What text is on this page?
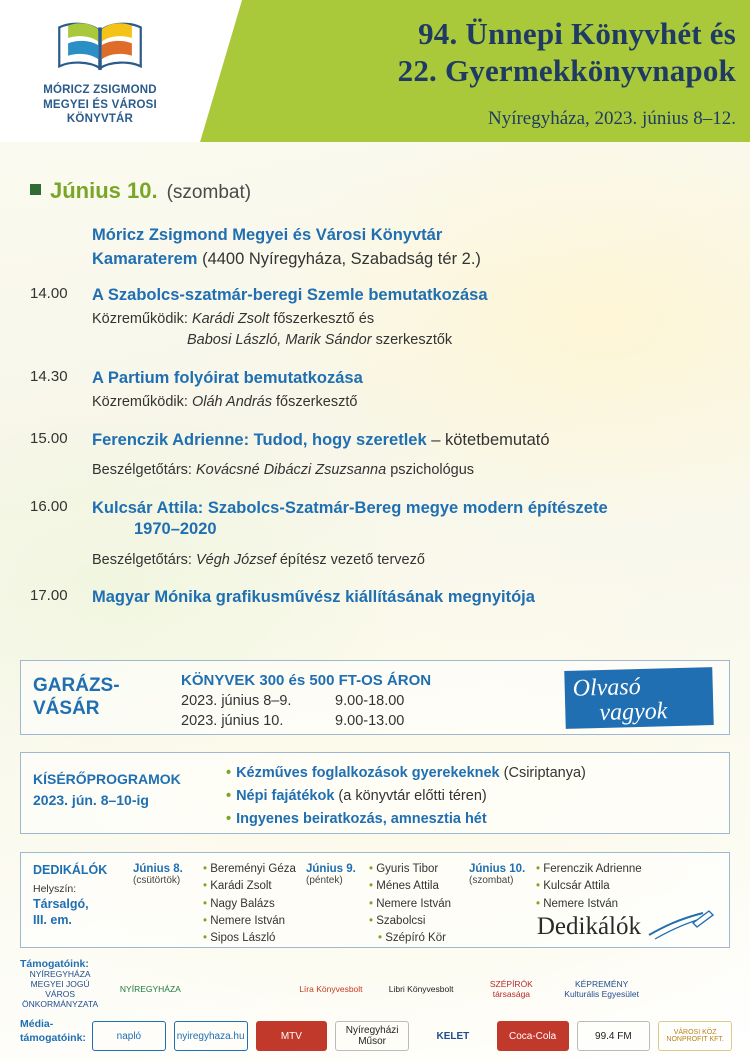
MÓRICZ ZSIGMOND
MEGYEI ÉS VÁROSI
KÖNYVTÁR
94. Ünnepi Könyvhét és
22. Gyermekkönyvnapok
Nyíregyháza, 2023. június 8–12.
Június 10. (szombat)
Móricz Zsigmond Megyei és Városi Könyvtár
Kamaraterem (4400 Nyíregyháza, Szabadság tér 2.)
14.00	A Szabolcs-szatmár-beregi Szemle bemutatkozása
Közreműködik: Karádi Zsolt főszerkesztő és
Babosi László, Marik Sándor szerkesztők
14.30	A Partium folyóirat bemutatkozása
Közreműködik: Oláh András főszerkesztő
15.00	Ferenczik Adrienne: Tudod, hogy szeretlek – kötetbemutató
Beszélgetőtárs: Kovácsné Dibáczi Zsuzsanna pszichológus
16.00	Kulcsár Attila: Szabolcs-Szatmár-Bereg megye modern építészete
1970–2020
Beszélgetőtárs: Végh József építész vezető tervező
17.00	Magyar Mónika grafikusművész kiállításának megnyitója
GARÁZS-
VÁSÁR
KÖNYVEK 300 és 500 FT-OS ÁRON
2023. június 8–9.	9.00-18.00
2023. június 10.	9.00-13.00
Olvasó
vagyok
KÍSÉRŐPROGRAMOK
2023. jún. 8–10-ig
• Kézműves foglalkozások gyerekeknek (Csiriptanya)
• Népi fajátékok (a könyvtár előtti téren)
• Ingyenes beiratkozás, amnesztia hét
DEDIKÁLÓK
Helyszín:
Társalgó,
III. em.
Június 8.
(csütörtök)
• Bereményi Géza
• Karádi Zsolt
• Nagy Balázs
• Nemere István
• Sipos László
Június 9.
(péntek)
• Gyuris Tibor
• Ménes Attila
• Nemere István
• Szabolcsi
• Szépíró Kör
Június 10.
(szombat)
• Ferenczik Adrienne
• Kulcsár Attila
• Nemere István
Dedikálók
Támogatóink:
NYÍREGYHÁZA MEGYEI JOGÚ VÁROS ÖNKORMÁNYZATA
NYÍREGYHÁZA	Líra Könyvesbolt	Libri Könyvesbolt	SZÉPÍRÓK társasága
KÉPREMÉNY Kulturális Egyesület
Média-
támogatóink:	napló	nyiregyhaza.hu	MTV	Nyíregyházi Műsor	KELET	Coca-Cola	99.4 FM	VÁROSI KÖZ NONPROFIT KFT.
